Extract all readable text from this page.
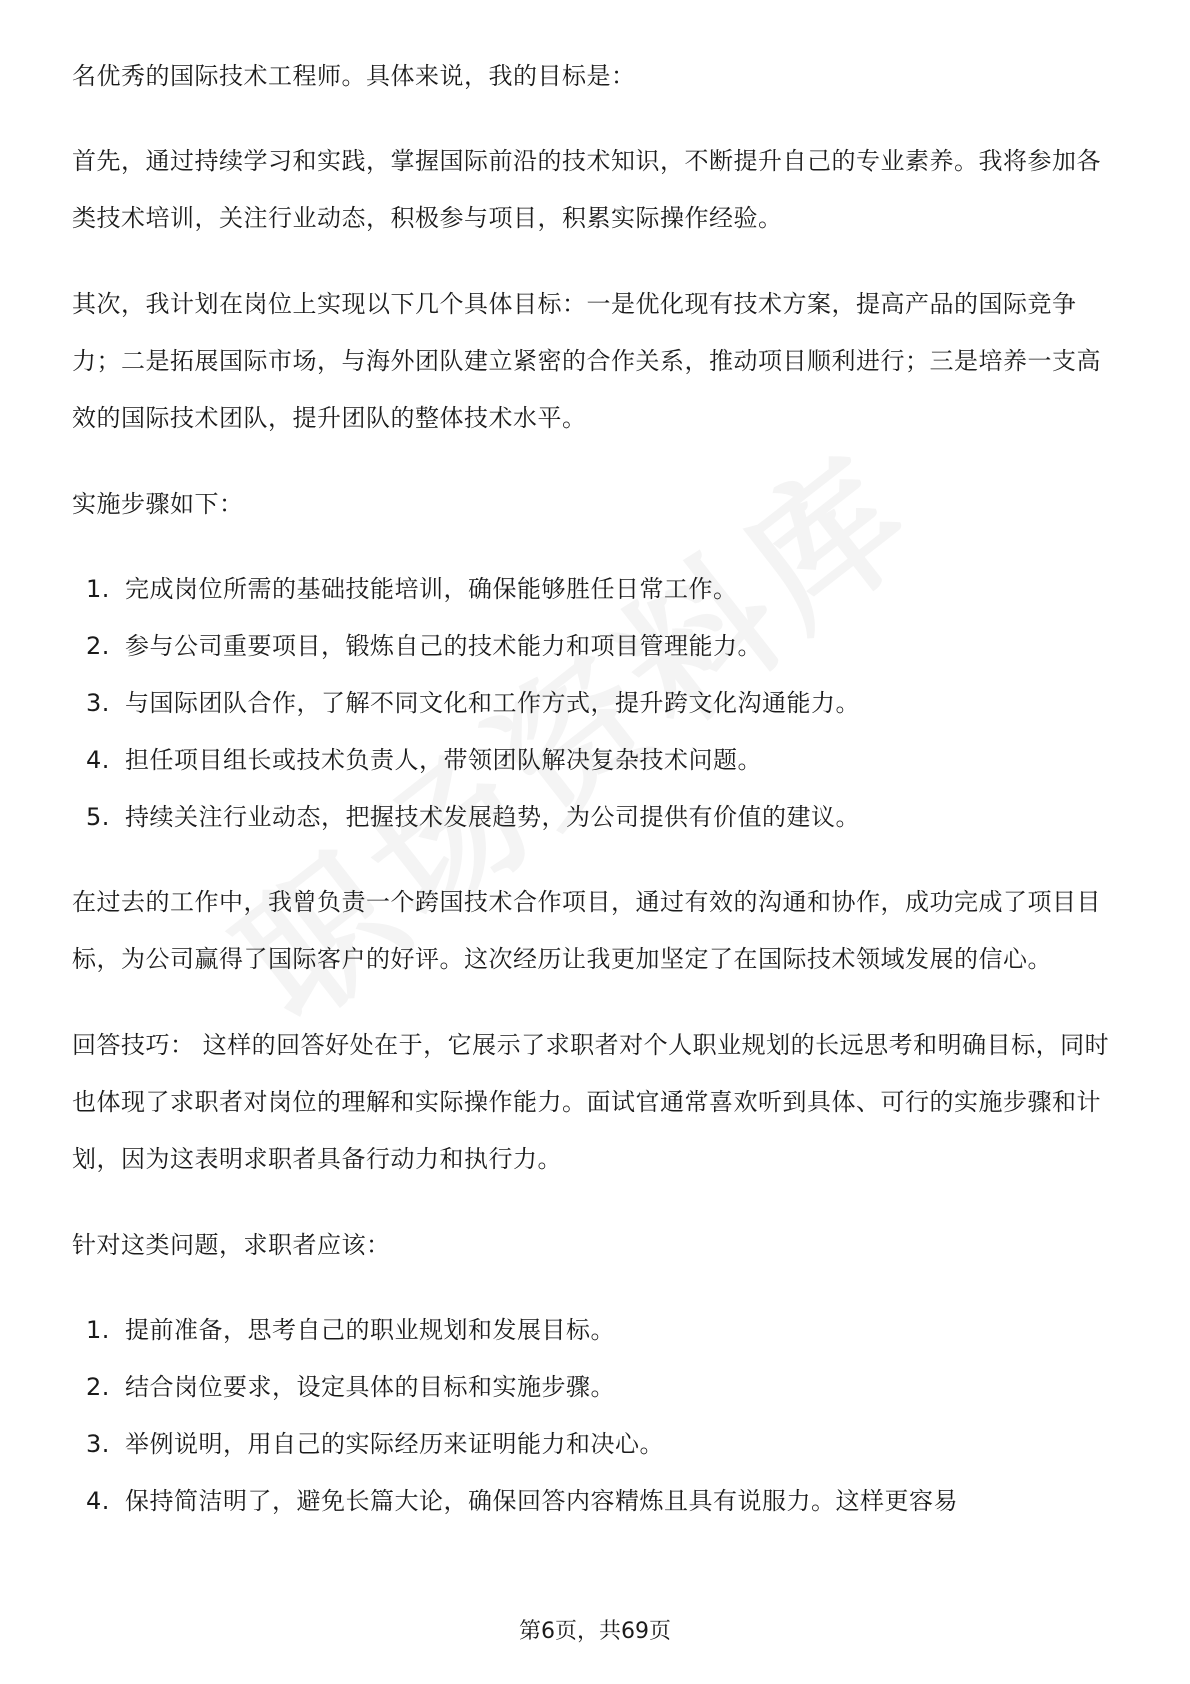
名优秀的国际技术工程师。具体来说，我的目标是：

首先，通过持续学习和实践，掌握国际前沿的技术知识，不断提升自己的专业素养。我将参加各类技术培训，关注行业动态，积极参与项目，积累实际操作经验。

其次，我计划在岗位上实现以下几个具体目标：一是优化现有技术方案，提高产品的国际竞争力；二是拓展国际市场，与海外团队建立紧密的合作关系，推动项目顺利进行；三是培养一支高效的国际技术团队，提升团队的整体技术水平。

实施步骤如下：

1. 完成岗位所需的基础技能培训，确保能够胜任日常工作。
2. 参与公司重要项目，锻炼自己的技术能力和项目管理能力。
3. 与国际团队合作，了解不同文化和工作方式，提升跨文化沟通能力。
4. 担任项目组长或技术负责人，带领团队解决复杂技术问题。
5. 持续关注行业动态，把握技术发展趋势，为公司提供有价值的建议。

在过去的工作中，我曾负责一个跨国技术合作项目，通过有效的沟通和协作，成功完成了项目目标，为公司赢得了国际客户的好评。这次经历让我更加坚定了在国际技术领域发展的信心。

回答技巧： 这样的回答好处在于，它展示了求职者对个人职业规划的长远思考和明确目标，同时也体现了求职者对岗位的理解和实际操作能力。面试官通常喜欢听到具体、可行的实施步骤和计划，因为这表明求职者具备行动力和执行力。

针对这类问题，求职者应该：

1. 提前准备，思考自己的职业规划和发展目标。
2. 结合岗位要求，设定具体的目标和实施步骤。
3. 举例说明，用自己的实际经历来证明能力和决心。
4. 保持简洁明了，避免长篇大论，确保回答内容精炼且具有说服力。这样更容易
第6页，共69页
